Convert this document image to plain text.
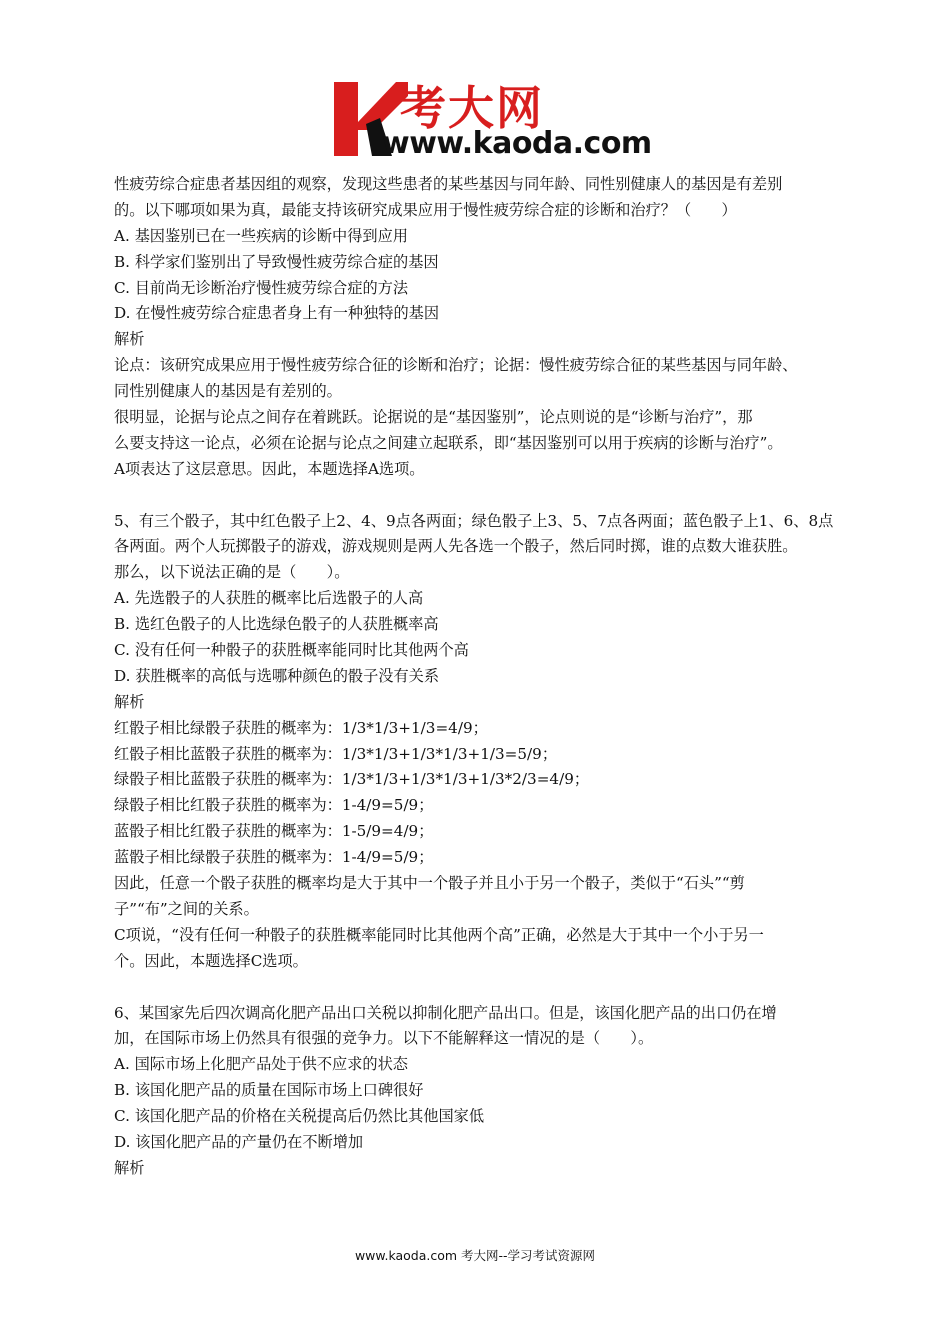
考大网
www.kaoda.com
性疲劳综合症患者基因组的观察，发现这些患者的某些基因与同年龄、同性别健康人的基因是有差别
的。以下哪项如果为真，最能支持该研究成果应用于慢性疲劳综合症的诊断和治疗？（　　）
A. 基因鉴别已在一些疾病的诊断中得到应用
B. 科学家们鉴别出了导致慢性疲劳综合症的基因
C. 目前尚无诊断治疗慢性疲劳综合症的方法
D. 在慢性疲劳综合症患者身上有一种独特的基因
解析
论点：该研究成果应用于慢性疲劳综合征的诊断和治疗；论据：慢性疲劳综合征的某些基因与同年龄、
同性别健康人的基因是有差别的。
很明显，论据与论点之间存在着跳跃。论据说的是“基因鉴别”，论点则说的是“诊断与治疗”，那
么要支持这一论点，必须在论据与论点之间建立起联系，即“基因鉴别可以用于疾病的诊断与治疗”。
A项表达了这层意思。因此，本题选择A选项。
5、有三个骰子，其中红色骰子上2、4、9点各两面；绿色骰子上3、5、7点各两面；蓝色骰子上1、6、8点
各两面。两个人玩掷骰子的游戏，游戏规则是两人先各选一个骰子，然后同时掷，谁的点数大谁获胜。
那么，以下说法正确的是（　　）。
A. 先选骰子的人获胜的概率比后选骰子的人高
B. 选红色骰子的人比选绿色骰子的人获胜概率高
C. 没有任何一种骰子的获胜概率能同时比其他两个高
D. 获胜概率的高低与选哪种颜色的骰子没有关系
解析
红骰子相比绿骰子获胜的概率为：1/3*1/3+1/3=4/9；
红骰子相比蓝骰子获胜的概率为：1/3*1/3+1/3*1/3+1/3=5/9；
绿骰子相比蓝骰子获胜的概率为：1/3*1/3+1/3*1/3+1/3*2/3=4/9；
绿骰子相比红骰子获胜的概率为：1-4/9=5/9；
蓝骰子相比红骰子获胜的概率为：1-5/9=4/9；
蓝骰子相比绿骰子获胜的概率为：1-4/9=5/9；
因此，任意一个骰子获胜的概率均是大于其中一个骰子并且小于另一个骰子，类似于“石头”“剪
子”“布”之间的关系。
C项说，“没有任何一种骰子的获胜概率能同时比其他两个高”正确，必然是大于其中一个小于另一
个。因此，本题选择C选项。
6、某国家先后四次调高化肥产品出口关税以抑制化肥产品出口。但是，该国化肥产品的出口仍在增
加，在国际市场上仍然具有很强的竞争力。以下不能解释这一情况的是（　　）。
A. 国际市场上化肥产品处于供不应求的状态
B. 该国化肥产品的质量在国际市场上口碑很好
C. 该国化肥产品的价格在关税提高后仍然比其他国家低
D. 该国化肥产品的产量仍在不断增加
解析
www.kaoda.com 考大网--学习考试资源网
